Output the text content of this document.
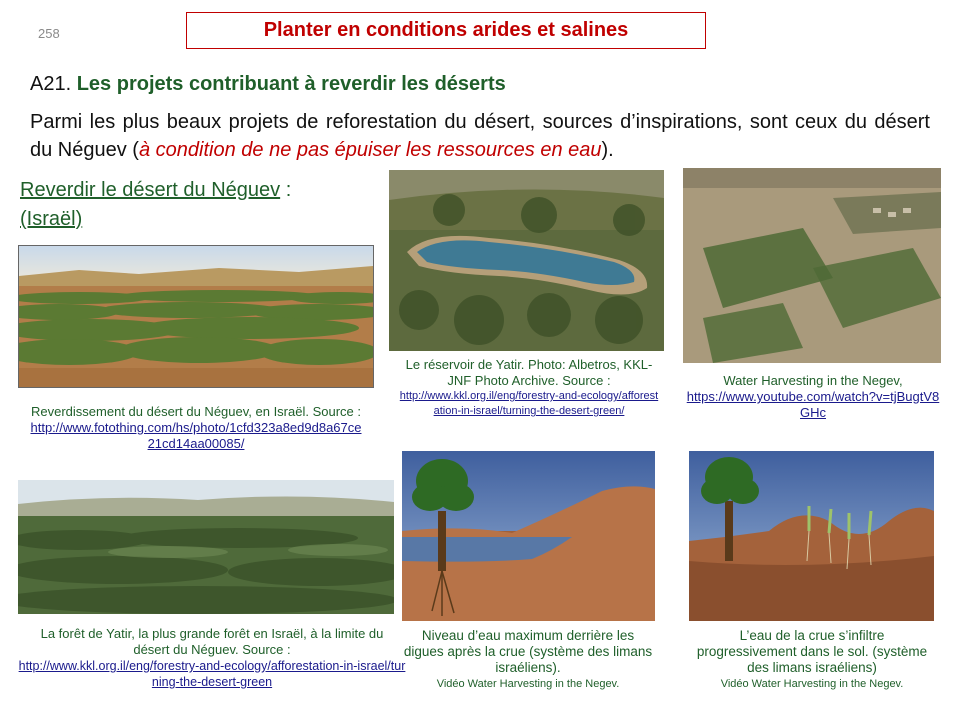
258	Planter en conditions arides et salines
A21. Les projets contribuant à reverdir les déserts
Parmi les plus beaux projets de reforestation du désert, sources d’inspirations, sont ceux du désert du Néguev (à condition de ne pas épuiser les ressources en eau).
Reverdir le désert du Néguev :
(Israël)
Reverdissement du désert du Néguev, en Israël. Source :
http://www.fotothing.com/hs/photo/1cfd323a8ed9d8a67ce21cd14aa00085/
Le réservoir de Yatir. Photo: Albetros, KKL-JNF Photo Archive. Source :
http://www.kkl.org.il/eng/forestry-and-ecology/afforestation-in-israel/turning-the-desert-green/
Water Harvesting in the Negev,
https://www.youtube.com/watch?v=tjBugtV8GHc
La forêt de Yatir, la plus grande forêt en Israël, à la limite du désert du Néguev. Source :
http://www.kkl.org.il/eng/forestry-and-ecology/afforestation-in-israel/turning-the-desert-green
Niveau d’eau maximum derrière les digues après la crue (système des limans israéliens).
Vidéo Water Harvesting in the Negev.
L’eau de la crue s’infiltre progressivement dans le sol. (système des limans israéliens)
Vidéo Water Harvesting in the Negev.
